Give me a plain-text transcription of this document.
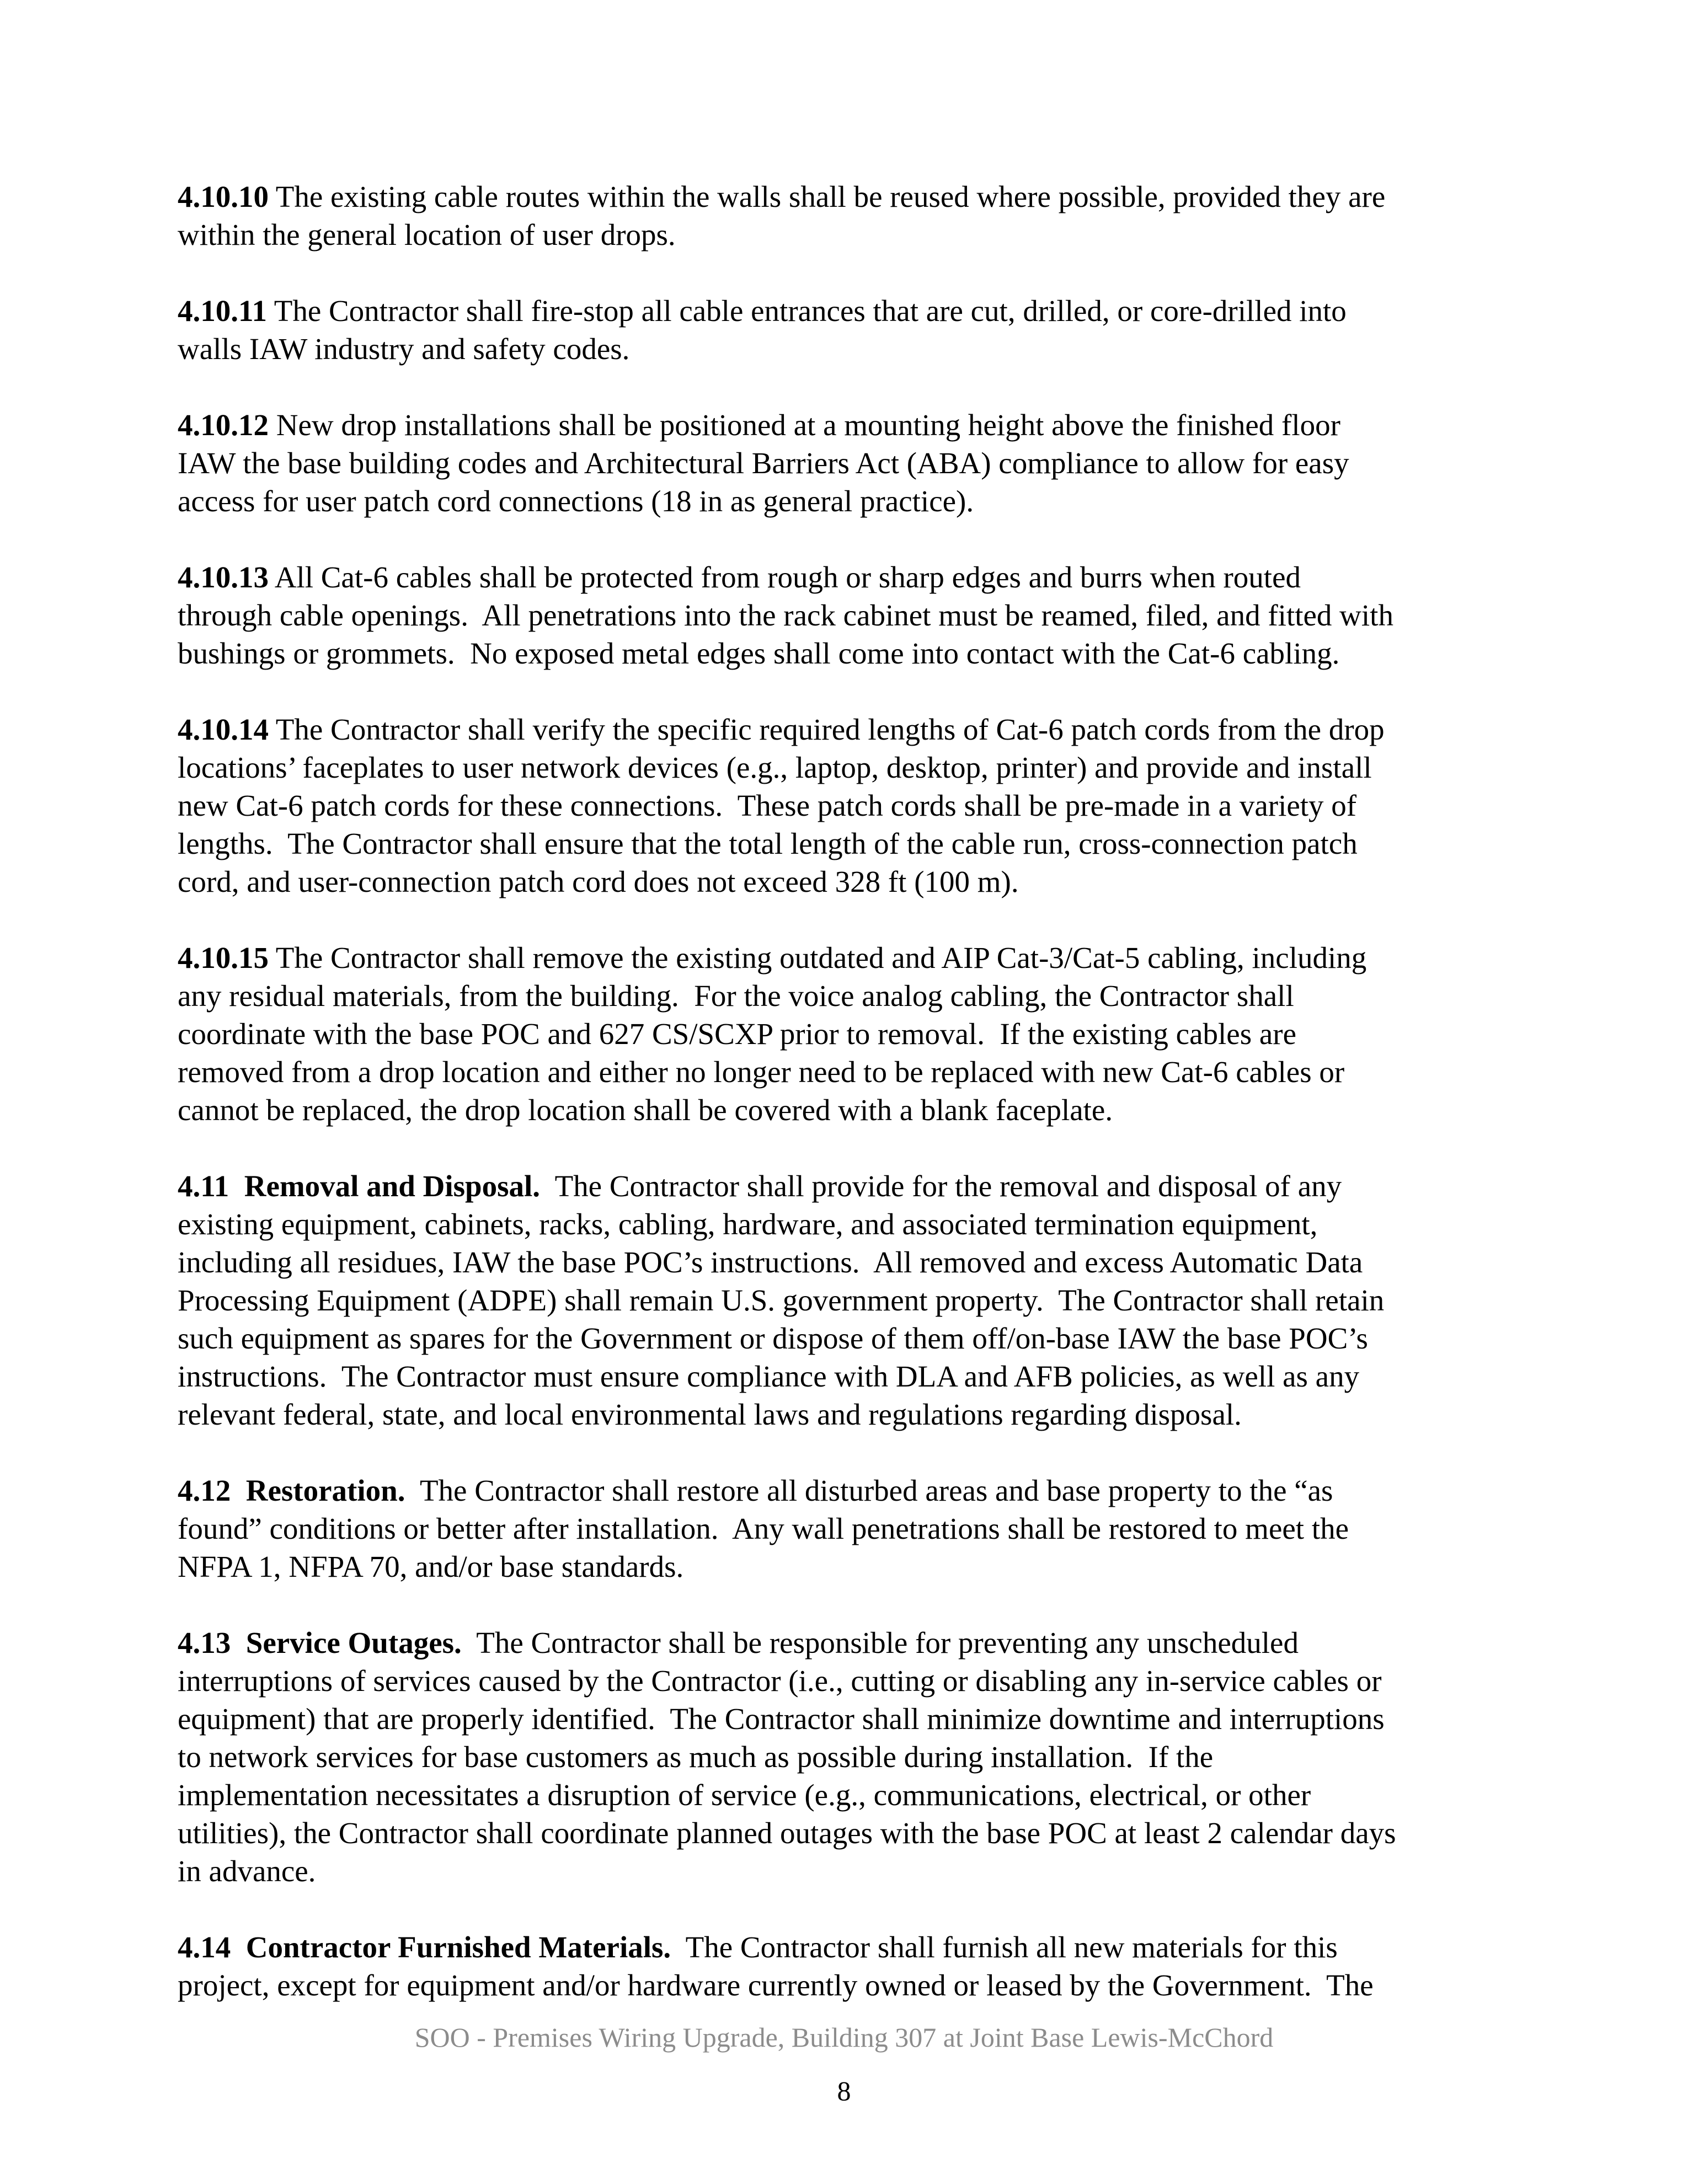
4.10.10 The existing cable routes within the walls shall be reused where possible, provided they are
within the general location of user drops.
4.10.11 The Contractor shall fire-stop all cable entrances that are cut, drilled, or core-drilled into
walls IAW industry and safety codes.
4.10.12 New drop installations shall be positioned at a mounting height above the finished floor
IAW the base building codes and Architectural Barriers Act (ABA) compliance to allow for easy
access for user patch cord connections (18 in as general practice).
4.10.13 All Cat-6 cables shall be protected from rough or sharp edges and burrs when routed
through cable openings.  All penetrations into the rack cabinet must be reamed, filed, and fitted with
bushings or grommets.  No exposed metal edges shall come into contact with the Cat-6 cabling.
4.10.14 The Contractor shall verify the specific required lengths of Cat-6 patch cords from the drop
locations’ faceplates to user network devices (e.g., laptop, desktop, printer) and provide and install
new Cat-6 patch cords for these connections.  These patch cords shall be pre-made in a variety of
lengths.  The Contractor shall ensure that the total length of the cable run, cross-connection patch
cord, and user-connection patch cord does not exceed 328 ft (100 m).
4.10.15 The Contractor shall remove the existing outdated and AIP Cat-3/Cat-5 cabling, including
any residual materials, from the building.  For the voice analog cabling, the Contractor shall
coordinate with the base POC and 627 CS/SCXP prior to removal.  If the existing cables are
removed from a drop location and either no longer need to be replaced with new Cat-6 cables or
cannot be replaced, the drop location shall be covered with a blank faceplate.
4.11 Removal and Disposal.  The Contractor shall provide for the removal and disposal of any
existing equipment, cabinets, racks, cabling, hardware, and associated termination equipment,
including all residues, IAW the base POC’s instructions.  All removed and excess Automatic Data
Processing Equipment (ADPE) shall remain U.S. government property.  The Contractor shall retain
such equipment as spares for the Government or dispose of them off/on-base IAW the base POC’s
instructions.  The Contractor must ensure compliance with DLA and AFB policies, as well as any
relevant federal, state, and local environmental laws and regulations regarding disposal.
4.12 Restoration.  The Contractor shall restore all disturbed areas and base property to the “as
found” conditions or better after installation.  Any wall penetrations shall be restored to meet the
NFPA 1, NFPA 70, and/or base standards.
4.13 Service Outages.  The Contractor shall be responsible for preventing any unscheduled
interruptions of services caused by the Contractor (i.e., cutting or disabling any in-service cables or
equipment) that are properly identified.  The Contractor shall minimize downtime and interruptions
to network services for base customers as much as possible during installation.  If the
implementation necessitates a disruption of service (e.g., communications, electrical, or other
utilities), the Contractor shall coordinate planned outages with the base POC at least 2 calendar days
in advance.
4.14 Contractor Furnished Materials.  The Contractor shall furnish all new materials for this
project, except for equipment and/or hardware currently owned or leased by the Government.  The
SOO - Premises Wiring Upgrade, Building 307 at Joint Base Lewis-McChord
8
